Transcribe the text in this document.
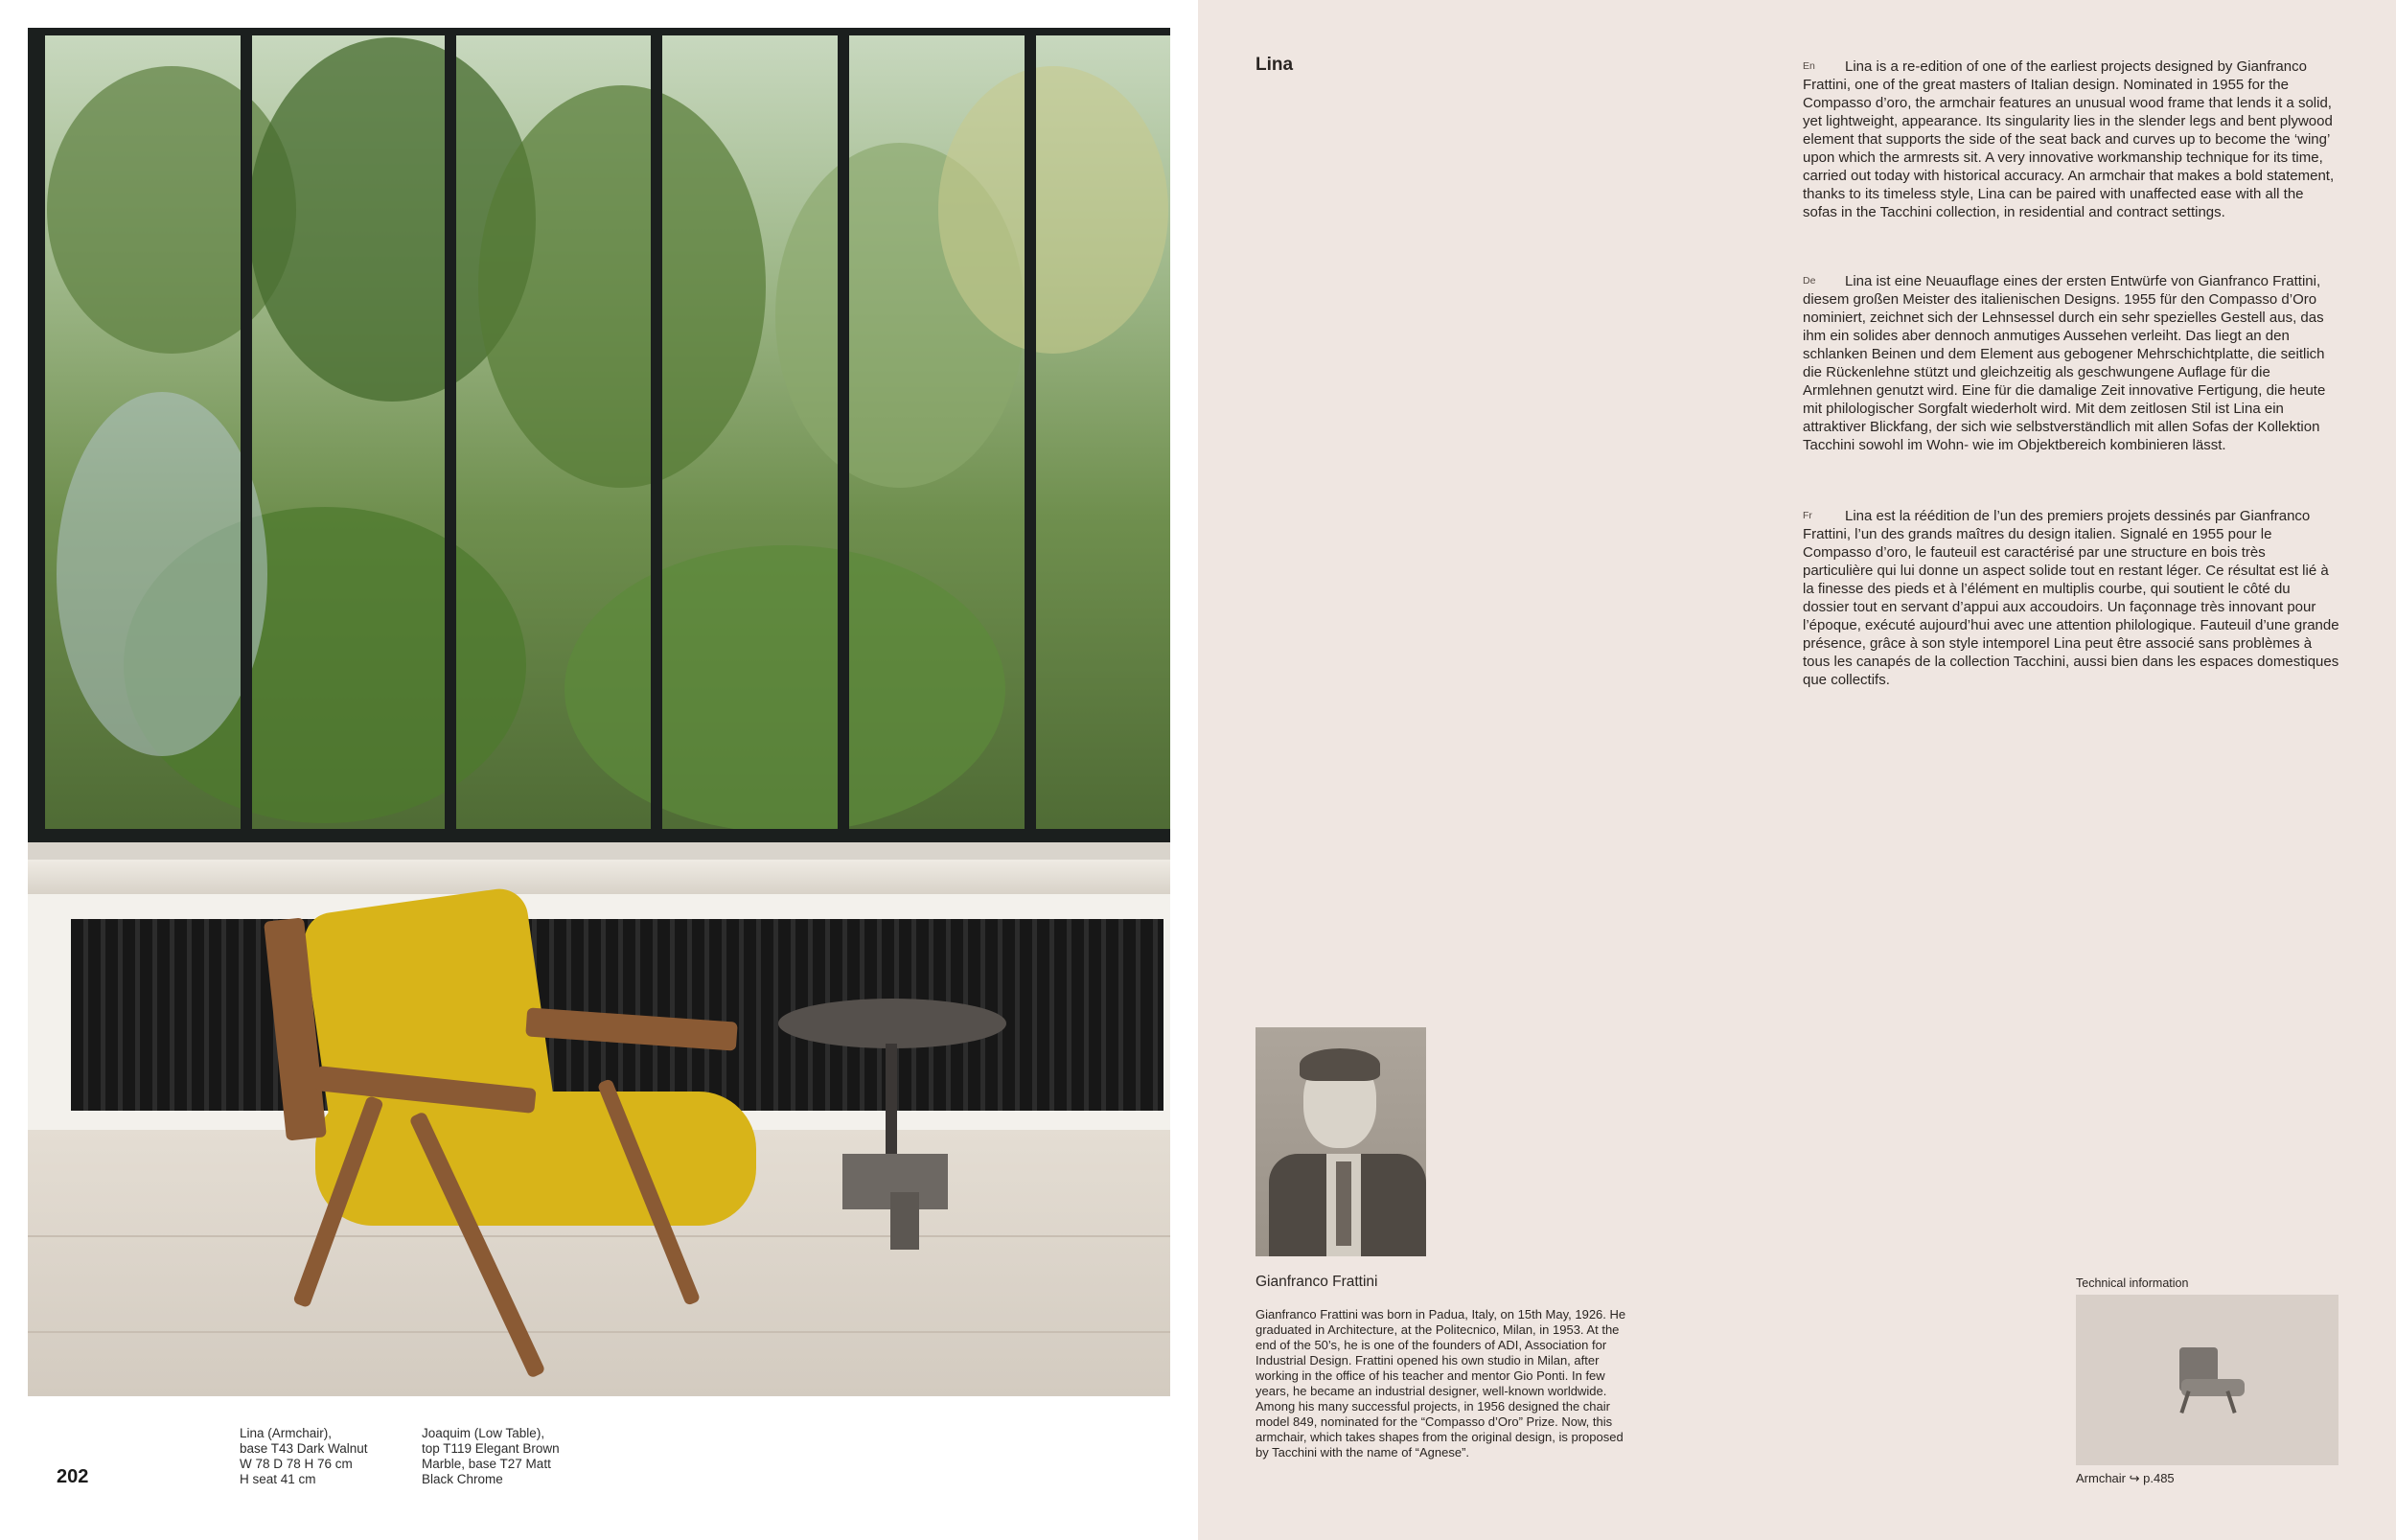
202
Lina (Armchair),
base T43 Dark Walnut
W 78 D 78 H 76 cm
H seat 41 cm
Joaquim (Low Table),
top T119 Elegant Brown
Marble, base T27 Matt
Black Chrome
Lina	En Lina is a re-edition of one of the earliest projects designed by Gianfranco Frattini, one of the great masters of Italian design. Nominated in 1955 for the Compasso d’oro, the armchair features an unusual wood frame that lends it a solid, yet lightweight, appearance. Its singularity lies in the slender legs and bent plywood element that supports the side of the seat back and curves up to become the ‘wing’ upon which the armrests sit. A very innovative workmanship technique for its time, carried out today with historical accuracy. An armchair that makes a bold statement, thanks to its timeless style, Lina can be paired with unaffected ease with all the sofas in the Tacchini collection, in residential and contract settings.
De Lina ist eine Neuauflage eines der ersten Entwürfe von Gianfranco Frattini, diesem großen Meister des italienischen Designs. 1955 für den Compasso d’Oro nominiert, zeichnet sich der Lehnsessel durch ein sehr spezielles Gestell aus, das ihm ein solides aber dennoch anmutiges Aussehen verleiht. Das liegt an den schlanken Beinen und dem Element aus gebogener Mehrschichtplatte, die seitlich die Rückenlehne stützt und gleichzeitig als geschwungene Auflage für die Armlehnen genutzt wird. Eine für die damalige Zeit innovative Fertigung, die heute mit philologischer Sorgfalt wiederholt wird. Mit dem zeitlosen Stil ist Lina ein attraktiver Blickfang, der sich wie selbstverständlich mit allen Sofas der Kollektion Tacchini sowohl im Wohn- wie im Objektbereich kombinieren lässt.
Fr Lina est la réédition de l’un des premiers projets dessinés par Gianfranco Frattini, l’un des grands maîtres du design italien. Signalé en 1955 pour le Compasso d’oro, le fauteuil est caractérisé par une structure en bois très particulière qui lui donne un aspect solide tout en restant léger. Ce résultat est lié à la finesse des pieds et à l’élément en multiplis courbe, qui soutient le côté du dossier tout en servant d’appui aux accoudoirs. Un façonnage très innovant pour l’époque, exécuté aujourd’hui avec une attention philologique. Fauteuil d’une grande présence, grâce à son style intemporel Lina peut être associé sans problèmes à tous les canapés de la collection Tacchini, aussi bien dans les espaces domestiques que collectifs.
Gianfranco Frattini
Gianfranco Frattini was born in Padua, Italy, on 15th May, 1926. He graduated in Architecture, at the Politecnico, Milan, in 1953. At the end of the 50’s, he is one of the founders of ADI, Association for Industrial Design. Frattini opened his own studio in Milan, after working in the office of his teacher and mentor Gio Ponti. In few years, he became an industrial designer, well-known worldwide. Among his many successful projects, in 1956 designed the chair model 849, nominated for the “Compasso d’Oro” Prize. Now, this armchair, which takes shapes from the original design, is proposed by Tacchini with the name of “Agnese”.
Technical information
Armchair ↪ p.485
